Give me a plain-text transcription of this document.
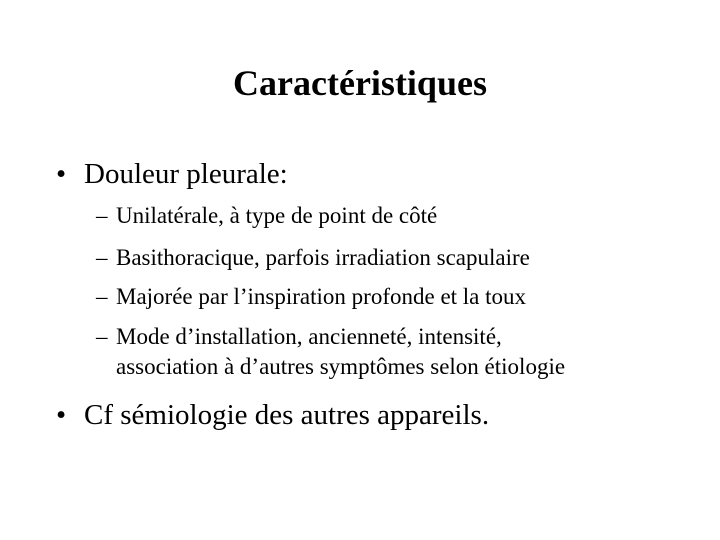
Caractéristiques
• Douleur pleurale:
– Unilatérale, à type de point de côté
– Basithoracique, parfois irradiation scapulaire
– Majorée par l’inspiration profonde et la toux
– Mode d’installation, ancienneté, intensité,
association à d’autres symptômes selon étiologie
• Cf sémiologie des autres appareils.
